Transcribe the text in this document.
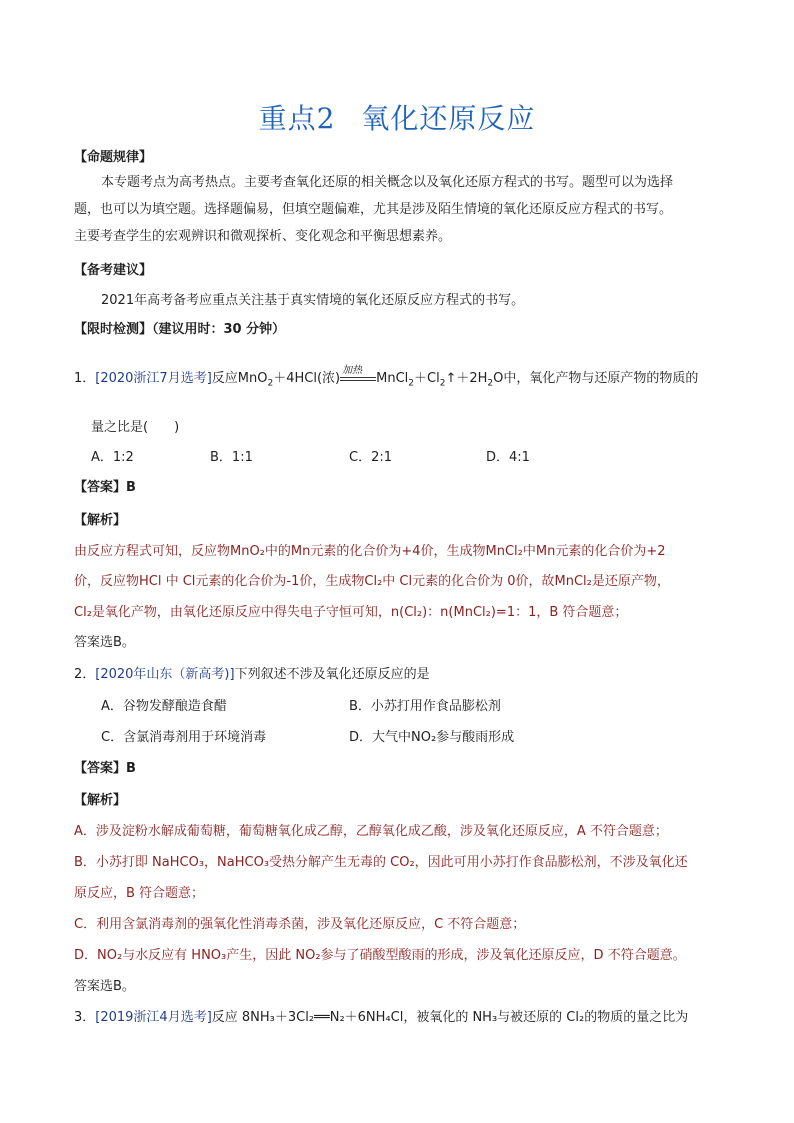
重点2 氧化还原反应
【命题规律】
本专题考点为高考热点。主要考查氧化还原的相关概念以及氧化还原方程式的书写。题型可以为选择
题，也可以为填空题。选择题偏易，但填空题偏难，尤其是涉及陌生情境的氧化还原反应方程式的书写。
主要考查学生的宏观辨识和微观探析、变化观念和平衡思想素养。
【备考建议】
2021年高考备考应重点关注基于真实情境的氧化还原反应方程式的书写。
【限时检测】（建议用时：30 分钟）
1．[2020浙江7月选考]反应MnO$_2$＋4HCl(浓)
加热
$MnCl_2+Cl_2↑+2H_2O$中，氧化产物与还原产物的物质的
量之比是(　　)
A．1:2	B．1:1	C．2:1	D．4:1
【答案】B
【解析】
由反应方程式可知，反应物MnO₂中的Mn元素的化合价为+4价，生成物MnCl₂中Mn元素的化合价为+2
价，反应物HCl 中 Cl元素的化合价为-1价，生成物Cl₂中 Cl元素的化合价为 0价，故MnCl₂是还原产物，
Cl₂是氧化产物，由氧化还原反应中得失电子守恒可知，n(Cl₂)：n(MnCl₂)=1：1，B 符合题意；
答案选B。
2．[2020年山东（新高考)]下列叙述不涉及氧化还原反应的是
A．谷物发酵酿造食醋	B．小苏打用作食品膨松剂
C．含氯消毒剂用于环境消毒	D．大气中NO₂参与酸雨形成
【答案】B
【解析】
A．涉及淀粉水解成葡萄糖，葡萄糖氧化成乙醇，乙醇氧化成乙酸，涉及氧化还原反应，A 不符合题意；
B．小苏打即 NaHCO₃，NaHCO₃受热分解产生无毒的 CO₂，因此可用小苏打作食品膨松剂，不涉及氧化还
原反应，B 符合题意；
C．利用含氯消毒剂的强氧化性消毒杀菌，涉及氧化还原反应，C 不符合题意；
D．NO₂与水反应有 HNO₃产生，因此 NO₂参与了硝酸型酸雨的形成，涉及氧化还原反应，D 不符合题意。
答案选B。
3．[2019浙江4月选考]反应 8NH₃＋3Cl₂══N₂＋6NH₄Cl，被氧化的 NH₃与被还原的 Cl₂的物质的量之比为
